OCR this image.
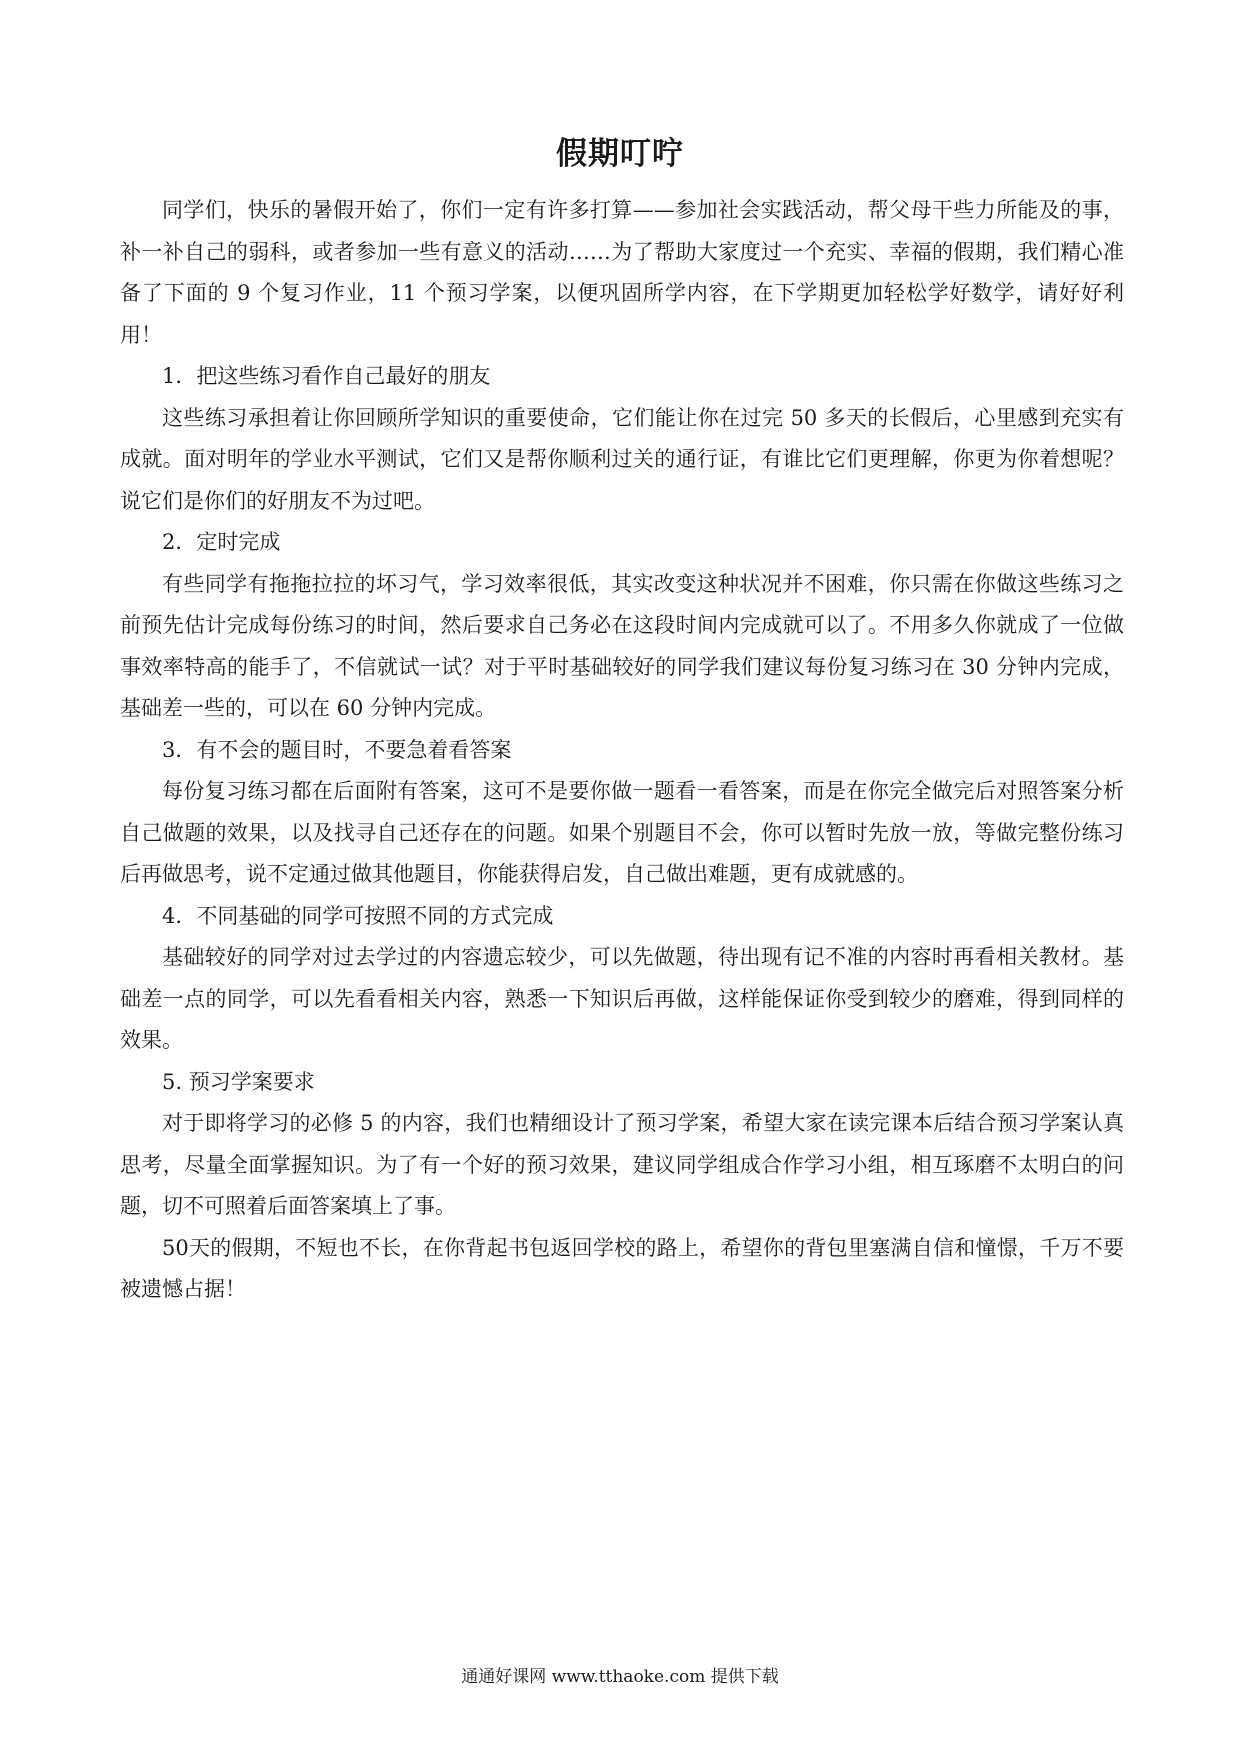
假期叮咛

同学们，快乐的暑假开始了，你们一定有许多打算——参加社会实践活动，帮父母干些力所能及的事，补一补自己的弱科，或者参加一些有意义的活动……为了帮助大家度过一个充实、幸福的假期，我们精心准备了下面的 9 个复习作业，11 个预习学案，以便巩固所学内容，在下学期更加轻松学好数学，请好好利用！

1．把这些练习看作自己最好的朋友

这些练习承担着让你回顾所学知识的重要使命，它们能让你在过完 50 多天的长假后，心里感到充实有成就。面对明年的学业水平测试，它们又是帮你顺利过关的通行证，有谁比它们更理解，你更为你着想呢？说它们是你们的好朋友不为过吧。

2．定时完成

有些同学有拖拖拉拉的坏习气，学习效率很低，其实改变这种状况并不困难，你只需在你做这些练习之前预先估计完成每份练习的时间，然后要求自己务必在这段时间内完成就可以了。不用多久你就成了一位做事效率特高的能手了，不信就试一试？对于平时基础较好的同学我们建议每份复习练习在 30 分钟内完成，基础差一些的，可以在 60 分钟内完成。

3．有不会的题目时，不要急着看答案

每份复习练习都在后面附有答案，这可不是要你做一题看一看答案，而是在你完全做完后对照答案分析自己做题的效果，以及找寻自己还存在的问题。如果个别题目不会，你可以暂时先放一放，等做完整份练习后再做思考，说不定通过做其他题目，你能获得启发，自己做出难题，更有成就感的。

4．不同基础的同学可按照不同的方式完成

基础较好的同学对过去学过的内容遗忘较少，可以先做题，待出现有记不准的内容时再看相关教材。基础差一点的同学，可以先看看相关内容，熟悉一下知识后再做，这样能保证你受到较少的磨难，得到同样的效果。

5. 预习学案要求

对于即将学习的必修 5 的内容，我们也精细设计了预习学案，希望大家在读完课本后结合预习学案认真思考，尽量全面掌握知识。为了有一个好的预习效果，建议同学组成合作学习小组，相互琢磨不太明白的问题，切不可照着后面答案填上了事。

50天的假期，不短也不长，在你背起书包返回学校的路上，希望你的背包里塞满自信和憧憬，千万不要被遗憾占据！

通通好课网 www.tthaoke.com 提供下载
